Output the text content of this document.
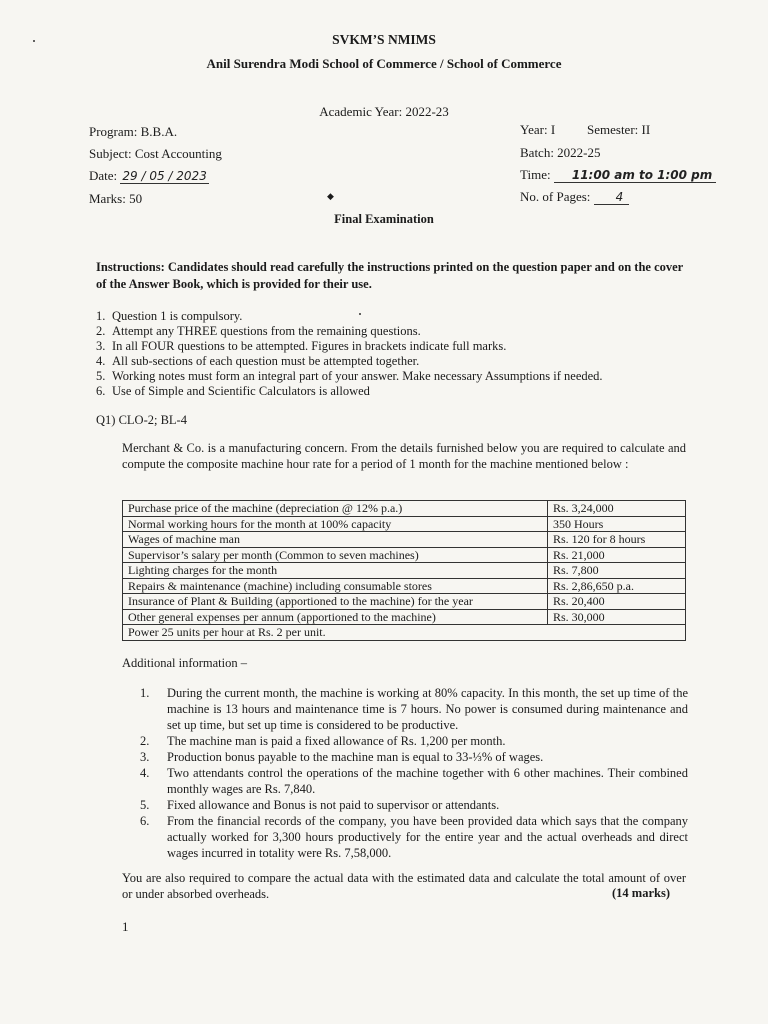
SVKM’S NMIMS
Anil Surendra Modi School of Commerce / School of Commerce
Academic Year: 2022-23
Program: B.B.A.
Subject: Cost Accounting
Date: 29 / 05 / 2023
Marks: 50
Year: I Semester: II
Batch: 2022-25
Time: 11:00 am to 1:00 pm
No. of Pages: 4
Final Examination
Instructions: Candidates should read carefully the instructions printed on the question paper and on the cover of the Answer Book, which is provided for their use.
1. Question 1 is compulsory.
2. Attempt any THREE questions from the remaining questions.
3. In all FOUR questions to be attempted. Figures in brackets indicate full marks.
4. All sub-sections of each question must be attempted together.
5. Working notes must form an integral part of your answer. Make necessary Assumptions if needed.
6. Use of Simple and Scientific Calculators is allowed
Q1) CLO-2; BL-4
Merchant & Co. is a manufacturing concern. From the details furnished below you are required to calculate and compute the composite machine hour rate for a period of 1 month for the machine mentioned below :
Purchase price of the machine (depreciation @ 12% p.a.)	Rs. 3,24,000
Normal working hours for the month at 100% capacity	350 Hours
Wages of machine man	Rs. 120 for 8 hours
Supervisor’s salary per month (Common to seven machines)	Rs. 21,000
Lighting charges for the month	Rs. 7,800
Repairs & maintenance (machine) including consumable stores	Rs. 2,86,650 p.a.
Insurance of Plant & Building (apportioned to the machine) for the year	Rs. 20,400
Other general expenses per annum (apportioned to the machine)	Rs. 30,000
Power 25 units per hour at Rs. 2 per unit.	
Additional information –
1.	During the current month, the machine is working at 80% capacity. In this month, the set up time of the machine is 13 hours and maintenance time is 7 hours. No power is consumed during maintenance and set up time, but set up time is considered to be productive.
2.	The machine man is paid a fixed allowance of Rs. 1,200 per month.
3.	Production bonus payable to the machine man is equal to 33-⅓% of wages.
4.	Two attendants control the operations of the machine together with 6 other machines. Their combined monthly wages are Rs. 7,840.
5.	Fixed allowance and Bonus is not paid to supervisor or attendants.
6.	From the financial records of the company, you have been provided data which says that the company actually worked for 3,300 hours productively for the entire year and the actual overheads and direct wages incurred in totality were Rs. 7,58,000.
You are also required to compare the actual data with the estimated data and calculate the total amount of over or under absorbed overheads.	(14 marks)
1
◆
